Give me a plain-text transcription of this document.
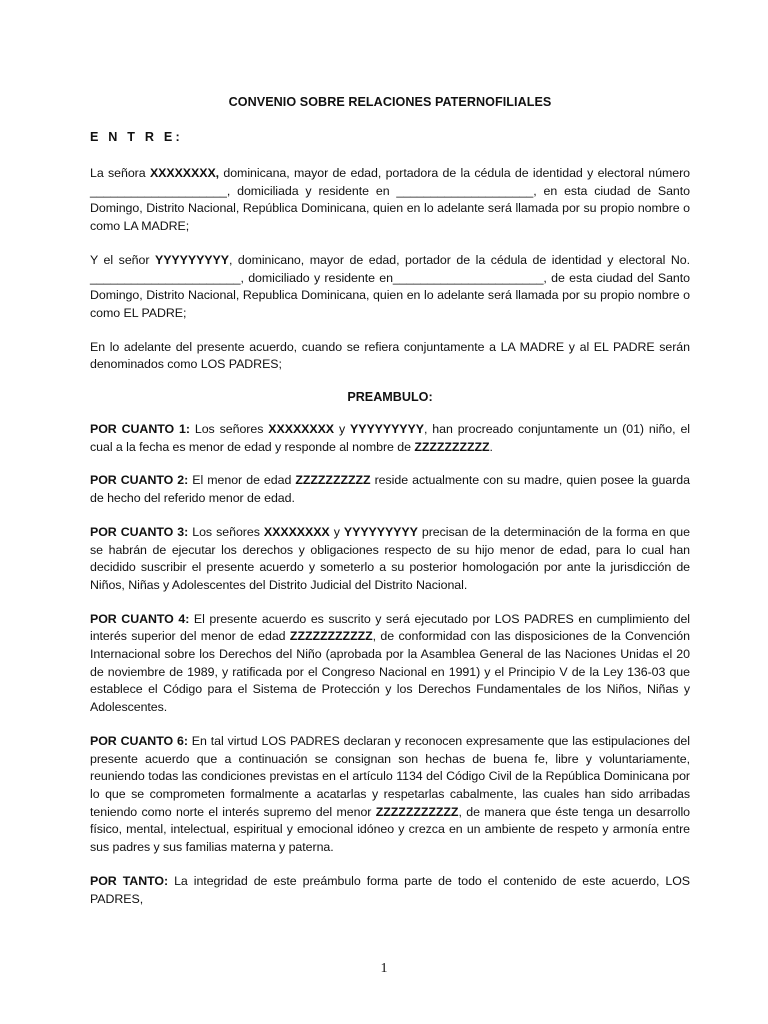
CONVENIO SOBRE RELACIONES PATERNOFILIALES
E N T R E:

La señora XXXXXXXX, dominicana, mayor de edad, portadora de la cédula de identidad y electoral número ____________________, domiciliada y residente en ____________________, en esta ciudad de Santo Domingo, Distrito Nacional, República Dominicana, quien en lo adelante será llamada por su propio nombre o como LA MADRE;

Y el señor YYYYYYYYY, dominicano, mayor de edad, portador de la cédula de identidad y electoral No. ______________________, domiciliado y residente en______________________, de esta ciudad del Santo Domingo, Distrito Nacional, Republica Dominicana, quien en lo adelante será llamada por su propio nombre o como EL PADRE;

En lo adelante del presente acuerdo, cuando se refiera conjuntamente a LA MADRE y al EL PADRE serán denominados como LOS PADRES;

PREAMBULO:

POR CUANTO 1: Los señores XXXXXXXX y YYYYYYYYY, han procreado conjuntamente un (01) niño, el cual a la fecha es menor de edad y responde al nombre de ZZZZZZZZZZ.

POR CUANTO 2: El menor de edad ZZZZZZZZZZ reside actualmente con su madre, quien posee la guarda de hecho del referido menor de edad.

POR CUANTO 3: Los señores XXXXXXXX y YYYYYYYYY precisan de la determinación de la forma en que se habrán de ejecutar los derechos y obligaciones respecto de su hijo menor de edad, para lo cual han decidido suscribir el presente acuerdo y someterlo a su posterior homologación por ante la jurisdicción de Niños, Niñas y Adolescentes del Distrito Judicial del Distrito Nacional.

POR CUANTO 4: El presente acuerdo es suscrito y será ejecutado por LOS PADRES en cumplimiento del interés superior del menor de edad ZZZZZZZZZZZ, de conformidad con las disposiciones de la Convención Internacional sobre los Derechos del Niño (aprobada por la Asamblea General de las Naciones Unidas el 20 de noviembre de 1989, y ratificada por el Congreso Nacional en 1991) y el Principio V de la Ley 136-03 que establece el Código para el Sistema de Protección y los Derechos Fundamentales de los Niños, Niñas y Adolescentes.

POR CUANTO 6: En tal virtud LOS PADRES declaran y reconocen expresamente que las estipulaciones del presente acuerdo que a continuación se consignan son hechas de buena fe, libre y voluntariamente, reuniendo todas las condiciones previstas en el artículo 1134 del Código Civil de la República Dominicana por lo que se comprometen formalmente a acatarlas y respetarlas cabalmente, las cuales han sido arribadas teniendo como norte el interés supremo del menor ZZZZZZZZZZZ, de manera que éste tenga un desarrollo físico, mental, intelectual, espiritual y emocional idóneo y crezca en un ambiente de respeto y armonía entre sus padres y sus familias materna y paterna.

POR TANTO: La integridad de este preámbulo forma parte de todo el contenido de este acuerdo, LOS PADRES,

1
